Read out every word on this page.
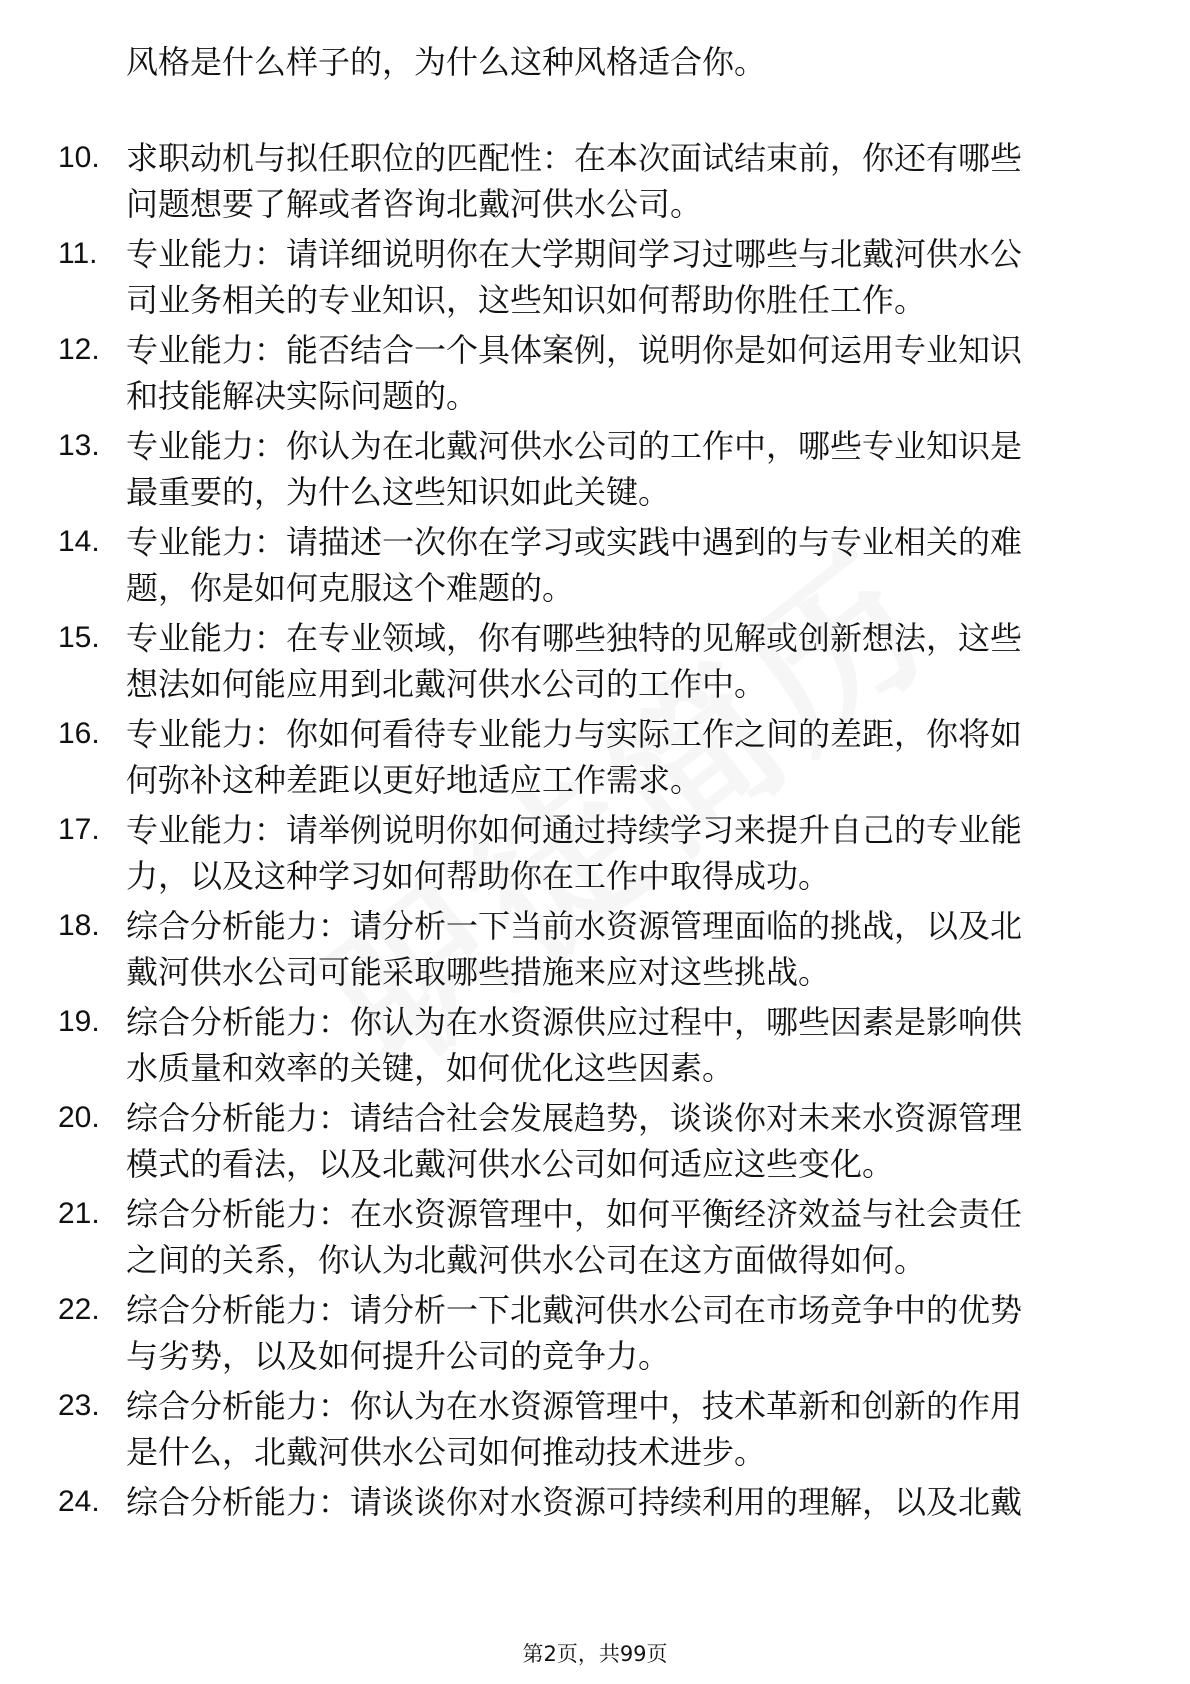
风格是什么样子的，为什么这种风格适合你。
10. 求职动机与拟任职位的匹配性：在本次面试结束前，你还有哪些
问题想要了解或者咨询北戴河供水公司。
11. 专业能力：请详细说明你在大学期间学习过哪些与北戴河供水公
司业务相关的专业知识，这些知识如何帮助你胜任工作。
12. 专业能力：能否结合一个具体案例，说明你是如何运用专业知识
和技能解决实际问题的。
13. 专业能力：你认为在北戴河供水公司的工作中，哪些专业知识是
最重要的，为什么这些知识如此关键。
14. 专业能力：请描述一次你在学习或实践中遇到的与专业相关的难
题，你是如何克服这个难题的。
15. 专业能力：在专业领域，你有哪些独特的见解或创新想法，这些
想法如何能应用到北戴河供水公司的工作中。
16. 专业能力：你如何看待专业能力与实际工作之间的差距，你将如
何弥补这种差距以更好地适应工作需求。
17. 专业能力：请举例说明你如何通过持续学习来提升自己的专业能
力，以及这种学习如何帮助你在工作中取得成功。
18. 综合分析能力：请分析一下当前水资源管理面临的挑战，以及北
戴河供水公司可能采取哪些措施来应对这些挑战。
19. 综合分析能力：你认为在水资源供应过程中，哪些因素是影响供
水质量和效率的关键，如何优化这些因素。
20. 综合分析能力：请结合社会发展趋势，谈谈你对未来水资源管理
模式的看法，以及北戴河供水公司如何适应这些变化。
21. 综合分析能力：在水资源管理中，如何平衡经济效益与社会责任
之间的关系，你认为北戴河供水公司在这方面做得如何。
22. 综合分析能力：请分析一下北戴河供水公司在市场竞争中的优势
与劣势，以及如何提升公司的竞争力。
23. 综合分析能力：你认为在水资源管理中，技术革新和创新的作用
是什么，北戴河供水公司如何推动技术进步。
24. 综合分析能力：请谈谈你对水资源可持续利用的理解，以及北戴
第2页，共99页
